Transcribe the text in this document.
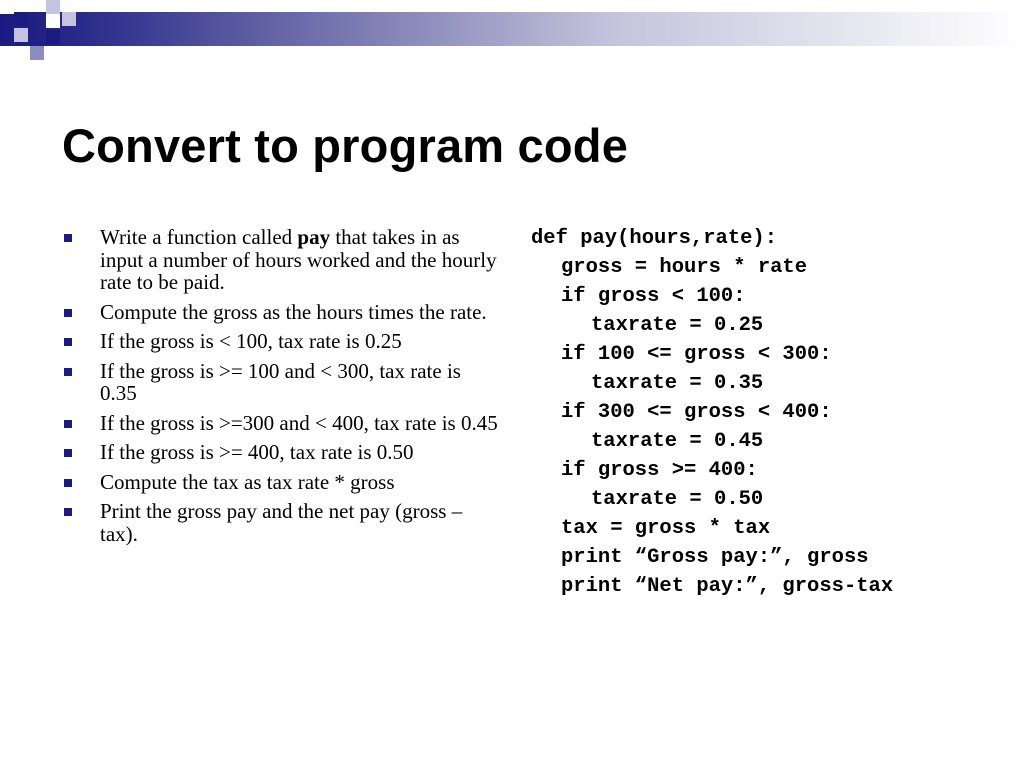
Convert to program code
Write a function called pay that takes in as input a number of hours worked and the hourly rate to be paid.
Compute the gross as the hours times the rate.
If the gross is < 100, tax rate is 0.25
If the gross is >= 100 and < 300, tax rate is 0.35
If the gross is >=300 and < 400, tax rate is 0.45
If the gross is >= 400, tax rate is 0.50
Compute the tax as tax rate * gross
Print the gross pay and the net pay (gross – tax).
def pay(hours,rate):
gross = hours * rate
if gross < 100:
taxrate = 0.25
if 100 <= gross < 300:
taxrate = 0.35
if 300 <= gross < 400:
taxrate = 0.45
if gross >= 400:
taxrate = 0.50
tax = gross * tax
print “Gross pay:”, gross
print “Net pay:”, gross-tax
